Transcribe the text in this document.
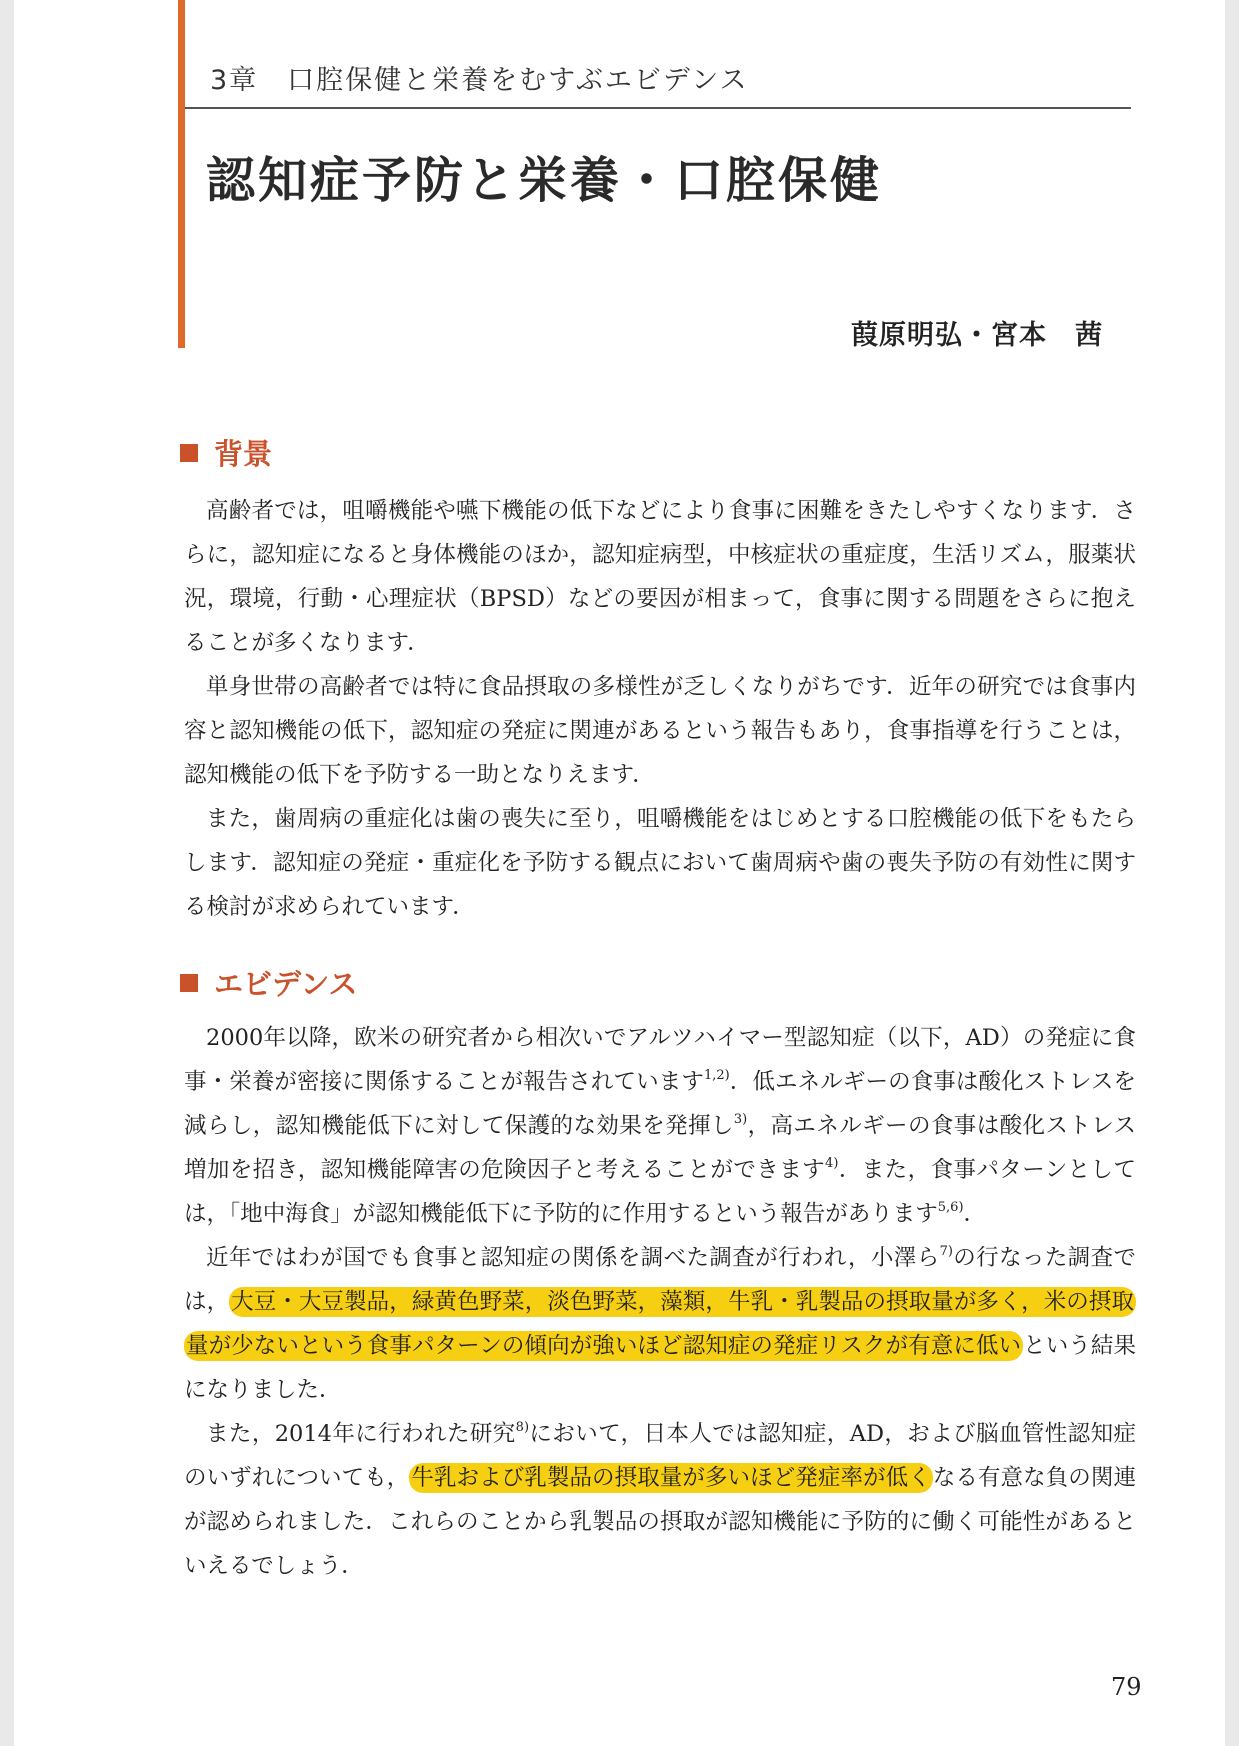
3章　口腔保健と栄養をむすぶエビデンス
認知症予防と栄養・口腔保健
葭原明弘・宮本　茜
背景

高齢者では，咀嚼機能や嚥下機能の低下などにより食事に困難をきたしやすくなります．さらに，認知症になると身体機能のほか，認知症病型，中核症状の重症度，生活リズム，服薬状況，環境，行動・心理症状（BPSD）などの要因が相まって，食事に関する問題をさらに抱えることが多くなります．

単身世帯の高齢者では特に食品摂取の多様性が乏しくなりがちです．近年の研究では食事内容と認知機能の低下，認知症の発症に関連があるという報告もあり，食事指導を行うことは，認知機能の低下を予防する一助となりえます．

また，歯周病の重症化は歯の喪失に至り，咀嚼機能をはじめとする口腔機能の低下をもたらします．認知症の発症・重症化を予防する観点において歯周病や歯の喪失予防の有効性に関する検討が求められています．

エビデンス

2000年以降，欧米の研究者から相次いでアルツハイマー型認知症（以下，AD）の発症に食事・栄養が密接に関係することが報告されています$^{1,2)}$．低エネルギーの食事は酸化ストレスを減らし，認知機能低下に対して保護的な効果を発揮し$^{3)}$，高エネルギーの食事は酸化ストレス増加を招き，認知機能障害の危険因子と考えることができます$^{4)}$．また，食事パターンとしては，「地中海食」が認知機能低下に予防的に作用するという報告があります$^{5,6)}$．

近年ではわが国でも食事と認知症の関係を調べた調査が行われ，小澤ら$^{7)}$の行なった調査では，大豆・大豆製品，緑黄色野菜，淡色野菜，藻類，牛乳・乳製品の摂取量が多く，米の摂取量が少ないという食事パターンの傾向が強いほど認知症の発症リスクが有意に低いという結果になりました．

また，2014年に行われた研究$^{8)}$において，日本人では認知症，AD，および脳血管性認知症のいずれについても，牛乳および乳製品の摂取量が多いほど発症率が低くなる有意な負の関連が認められました．これらのことから乳製品の摂取が認知機能に予防的に働く可能性があるといえるでしょう．

79
